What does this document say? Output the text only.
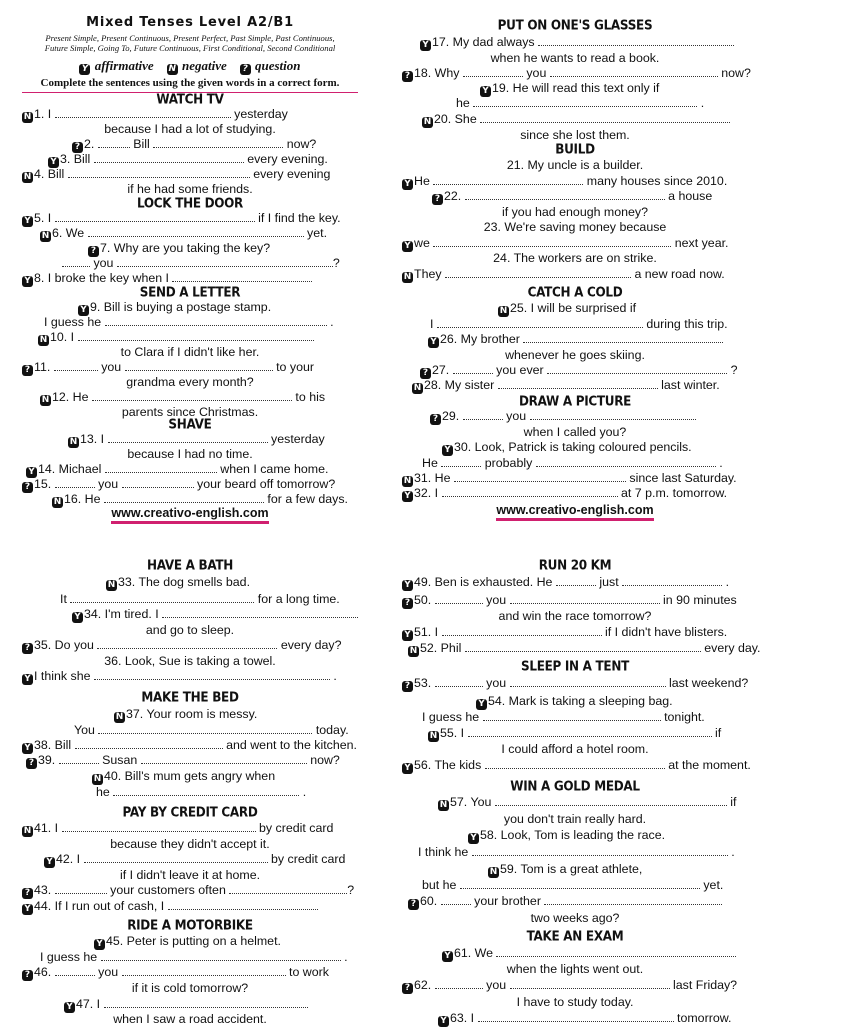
Mixed Tenses Level A2/B1
Present Simple, Present Continuous, Present Perfect, Past Simple, Past Continuous,
Future Simple, Going To, Future Continuous, First Conditional, Second Conditional
Y affirmative N negative ? question
Complete the sentences using the given words in a correct form.
WATCH TV
N 1. I	yesterday
because I had a lot of studying.
? 2.	Bill	now?
Y 3. Bill	every evening.
N 4. Bill	every evening
if he had some friends.
LOCK THE DOOR
Y 5. I	if I find the key.
N 6. We	yet.
? 7. Why are you taking the key?
you	?
Y 8. I broke the key when I
SEND A LETTER
Y 9. Bill is buying a postage stamp.
I guess he	.
N 10. I
to Clara if I didn't like her.
? 11.	you	to your
grandma every month?
N 12. He	to his
parents since Christmas.
SHAVE
N 13. I	yesterday
because I had no time.
Y 14. Michael	when I came home.
? 15.	you	your beard off tomorrow?
N 16. He	for a few days.
www.creativo-english.com
PUT ON ONE'S GLASSES
Y 17. My dad always
when he wants to read a book.
? 18. Why	you	now?
Y 19. He will read this text only if
he	.
N 20. She
since she lost them.
BUILD
21. My uncle is a builder.
Y He	many houses since 2010.
? 22.	a house
if you had enough money?
23. We're saving money because
Y we	next year.
24. The workers are on strike.
N They	a new road now.
CATCH A COLD
N 25. I will be surprised if
I	during this trip.
Y 26. My brother
whenever he goes skiing.
? 27.	you ever	?
N 28. My sister	last winter.
DRAW A PICTURE
? 29.	you
when I called you?
Y 30. Look, Patrick is taking coloured pencils.
He	probably	.
N 31. He	since last Saturday.
Y 32. I	at 7 p.m. tomorrow.
www.creativo-english.com
HAVE A BATH
N 33. The dog smells bad.
It	for a long time.
Y 34. I'm tired. I
and go to sleep.
? 35. Do you	every day?
36. Look, Sue is taking a towel.
Y I think she	.
MAKE THE BED
N 37. Your room is messy.
You	today.
Y 38. Bill	and went to the kitchen.
? 39.	Susan	now?
N 40. Bill's mum gets angry when
he	.
PAY BY CREDIT CARD
N 41. I	by credit card
because they didn't accept it.
Y 42. I	by credit card
if I didn't leave it at home.
? 43.	your customers often	?
Y 44. If I run out of cash, I
RIDE A MOTORBIKE
Y 45. Peter is putting on a helmet.
I guess he	.
? 46.	you	to work
if it is cold tomorrow?
Y 47. I
when I saw a road accident.
RUN 20 KM
Y 49. Ben is exhausted. He	just	.
? 50.	you	in 90 minutes
and win the race tomorrow?
Y 51. I	if I didn't have blisters.
N 52. Phil	every day.
SLEEP IN A TENT
? 53.	you	last weekend?
Y 54. Mark is taking a sleeping bag.
I guess he	tonight.
N 55. I	if
I could afford a hotel room.
Y 56. The kids	at the moment.
WIN A GOLD MEDAL
N 57. You	if
you don't train really hard.
Y 58. Look, Tom is leading the race.
I think he	.
N 59. Tom is a great athlete,
but he	yet.
? 60.	your brother
two weeks ago?
TAKE AN EXAM
Y 61. We
when the lights went out.
? 62.	you	last Friday?
I have to study today.
Y 63. I	tomorrow.
